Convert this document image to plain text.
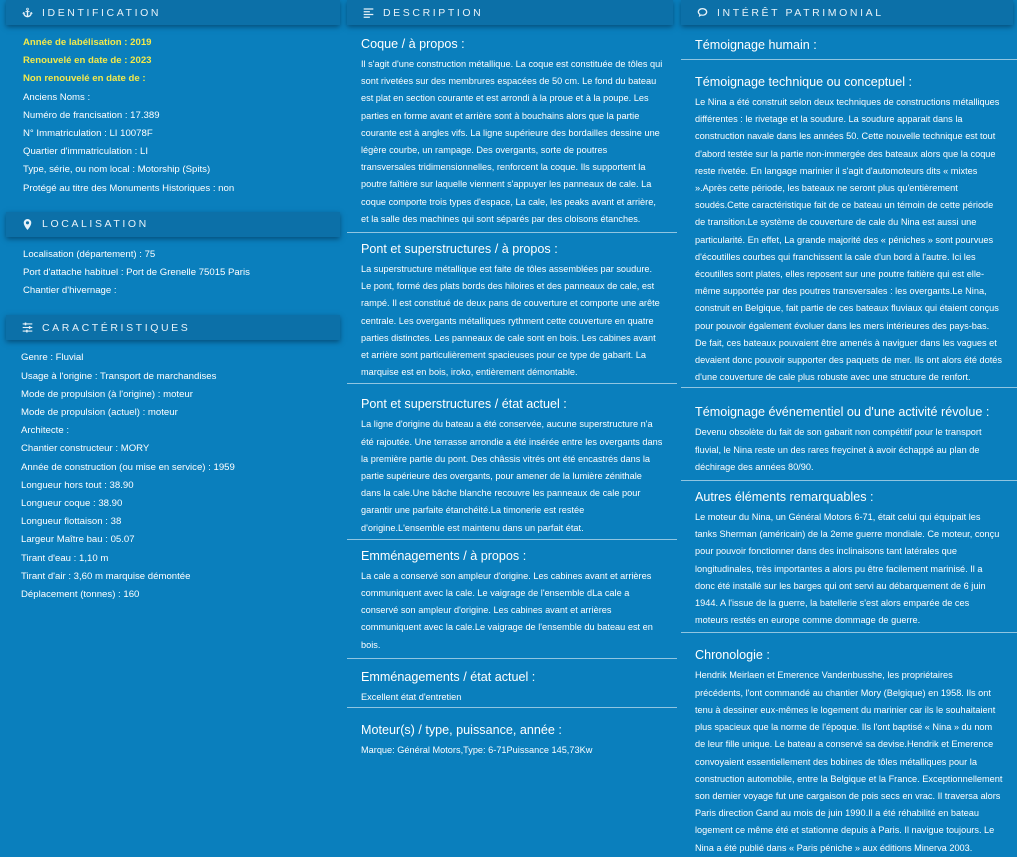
IDENTIFICATION
Année de labélisation : 2019
Renouvelé en date de : 2023
Non renouvelé en date de :
Anciens Noms :
Numéro de francisation : 17.389
N° Immatriculation : LI 10078F
Quartier d'immatriculation : LI
Type, série, ou nom local : Motorship (Spits)
Protégé au titre des Monuments Historiques : non
LOCALISATION
Localisation (département) : 75
Port d'attache habituel : Port de Grenelle 75015 Paris
Chantier d'hivernage :
CARACTÉRISTIQUES
Genre : Fluvial
Usage à l'origine : Transport de marchandises
Mode de propulsion (à l'origine) : moteur
Mode de propulsion (actuel) : moteur
Architecte :
Chantier constructeur : MORY
Année de construction (ou mise en service) : 1959
Longueur hors tout : 38.90
Longueur coque : 38.90
Longueur flottaison : 38
Largeur Maître bau : 05.07
Tirant d'eau : 1,10 m
Tirant d'air : 3,60 m marquise démontée
Déplacement (tonnes) : 160
DESCRIPTION
Coque / à propos :

Il s'agit d'une construction métallique. La coque est constituée de tôles qui sont rivetées sur des membrures espacées de 50 cm. Le fond du bateau est plat en section courante et est arrondi à la proue et à la poupe. Les parties en forme avant et arrière sont à bouchains alors que la partie courante est à angles vifs. La ligne supérieure des bordailles dessine une légère courbe, un rampage. Des overgants, sorte de poutres transversales tridimensionnelles, renforcent la coque. Ils supportent la poutre faîtière sur laquelle viennent s'appuyer les panneaux de cale. La coque comporte trois types d'espace, La cale, les peaks avant et arrière, et la salle des machines qui sont séparés par des cloisons étanches.

Pont et superstructures / à propos :

La superstructure métallique est faite de tôles assemblées par soudure. Le pont, formé des plats bords des hiloires et des panneaux de cale, est rampé. Il est constitué de deux pans de couverture et comporte une arête centrale. Les overgants métalliques rythment cette couverture en quatre parties distinctes. Les panneaux de cale sont en bois. Les cabines avant et arrière sont particulièrement spacieuses pour ce type de gabarit. La marquise est en bois, iroko, entièrement démontable.

Pont et superstructures / état actuel :

La ligne d'origine du bateau a été conservée, aucune superstructure n'a été rajoutée. Une terrasse arrondie a été insérée entre les overgants dans la première partie du pont. Des châssis vitrés ont été encastrés dans la partie supérieure des overgants, pour amener de la lumière zénithale dans la cale.Une bâche blanche recouvre les panneaux de cale pour garantir une parfaite étanchéité.La timonerie est restée d'origine.L'ensemble est maintenu dans un parfait état.

Emménagements / à propos :

La cale a conservé son ampleur d'origine. Les cabines avant et arrières communiquent avec la cale. Le vaigrage de l'ensemble dLa cale a conservé son ampleur d'origine. Les cabines avant et arrières communiquent avec la cale.Le vaigrage de l'ensemble du bateau est en bois.

Emménagements / état actuel :

Excellent état d'entretien

Moteur(s) / type, puissance, année :

Marque: Général Motors,Type: 6-71Puissance 145,73Kw

INTÉRÊT PATRIMONIAL
Témoignage humain :
Témoignage technique ou conceptuel :

Le Nina a été construit selon deux techniques de constructions métalliques différentes : le rivetage et la soudure. La soudure apparait dans la construction navale dans les années 50. Cette nouvelle technique est tout d'abord testée sur la partie non-immergée des bateaux alors que la coque reste rivetée. En langage marinier il s'agit d'automoteurs dits « mixtes ».Après cette période, les bateaux ne seront plus qu'entièrement soudés.Cette caractéristique fait de ce bateau un témoin de cette période de transition.Le système de couverture de cale du Nina est aussi une particularité. En effet, La grande majorité des « péniches » sont pourvues d'écoutilles courbes qui franchissent la cale d'un bord à l'autre. Ici les écoutilles sont plates, elles reposent sur une poutre faitière qui est elle-même supportée par des poutres transversales : les overgants.Le Nina, construit en Belgique, fait partie de ces bateaux fluviaux qui étaient conçus pour pouvoir également évoluer dans les mers intérieures des pays-bas. De fait, ces bateaux pouvaient être amenés à naviguer dans les vagues et devaient donc pouvoir supporter des paquets de mer. Ils ont alors été dotés d'une couverture de cale plus robuste avec une structure de renfort.

Témoignage événementiel ou d'une activité révolue :

Devenu obsolète du fait de son gabarit non compétitif pour le transport fluvial, le Nina reste un des rares freycinet à avoir échappé au plan de déchirage des années 80/90.

Autres éléments remarquables :

Le moteur du Nina, un Général Motors 6-71, était celui qui équipait les tanks Sherman (américain) de la 2eme guerre mondiale. Ce moteur, conçu pour pouvoir fonctionner dans des inclinaisons tant latérales que longitudinales, très importantes a alors pu être facilement marinisé. Il a donc été installé sur les barges qui ont servi au débarquement de 6 juin 1944. A l'issue de la guerre, la batellerie s'est alors emparée de ces moteurs restés en europe comme dommage de guerre.

Chronologie :

Hendrik Meirlaen et Emerence Vandenbusshe, les propriétaires précédents, l'ont commandé au chantier Mory (Belgique) en 1958. Ils ont tenu à dessiner eux-mêmes le logement du marinier car ils le souhaitaient plus spacieux que la norme de l'époque. Ils l'ont baptisé « Nina » du nom de leur fille unique. Le bateau a conservé sa devise.Hendrik et Emerence convoyaient essentiellement des bobines de tôles métalliques pour la construction automobile, entre la Belgique et la France. Exceptionnellement son dernier voyage fut une cargaison de pois secs en vrac. Il traversa alors Paris direction Gand au mois de juin 1990.Il a été réhabilité en bateau logement ce même été et stationne depuis à Paris. Il navigue toujours. Le Nina a été publié dans « Paris péniche » aux éditions Minerva 2003.
